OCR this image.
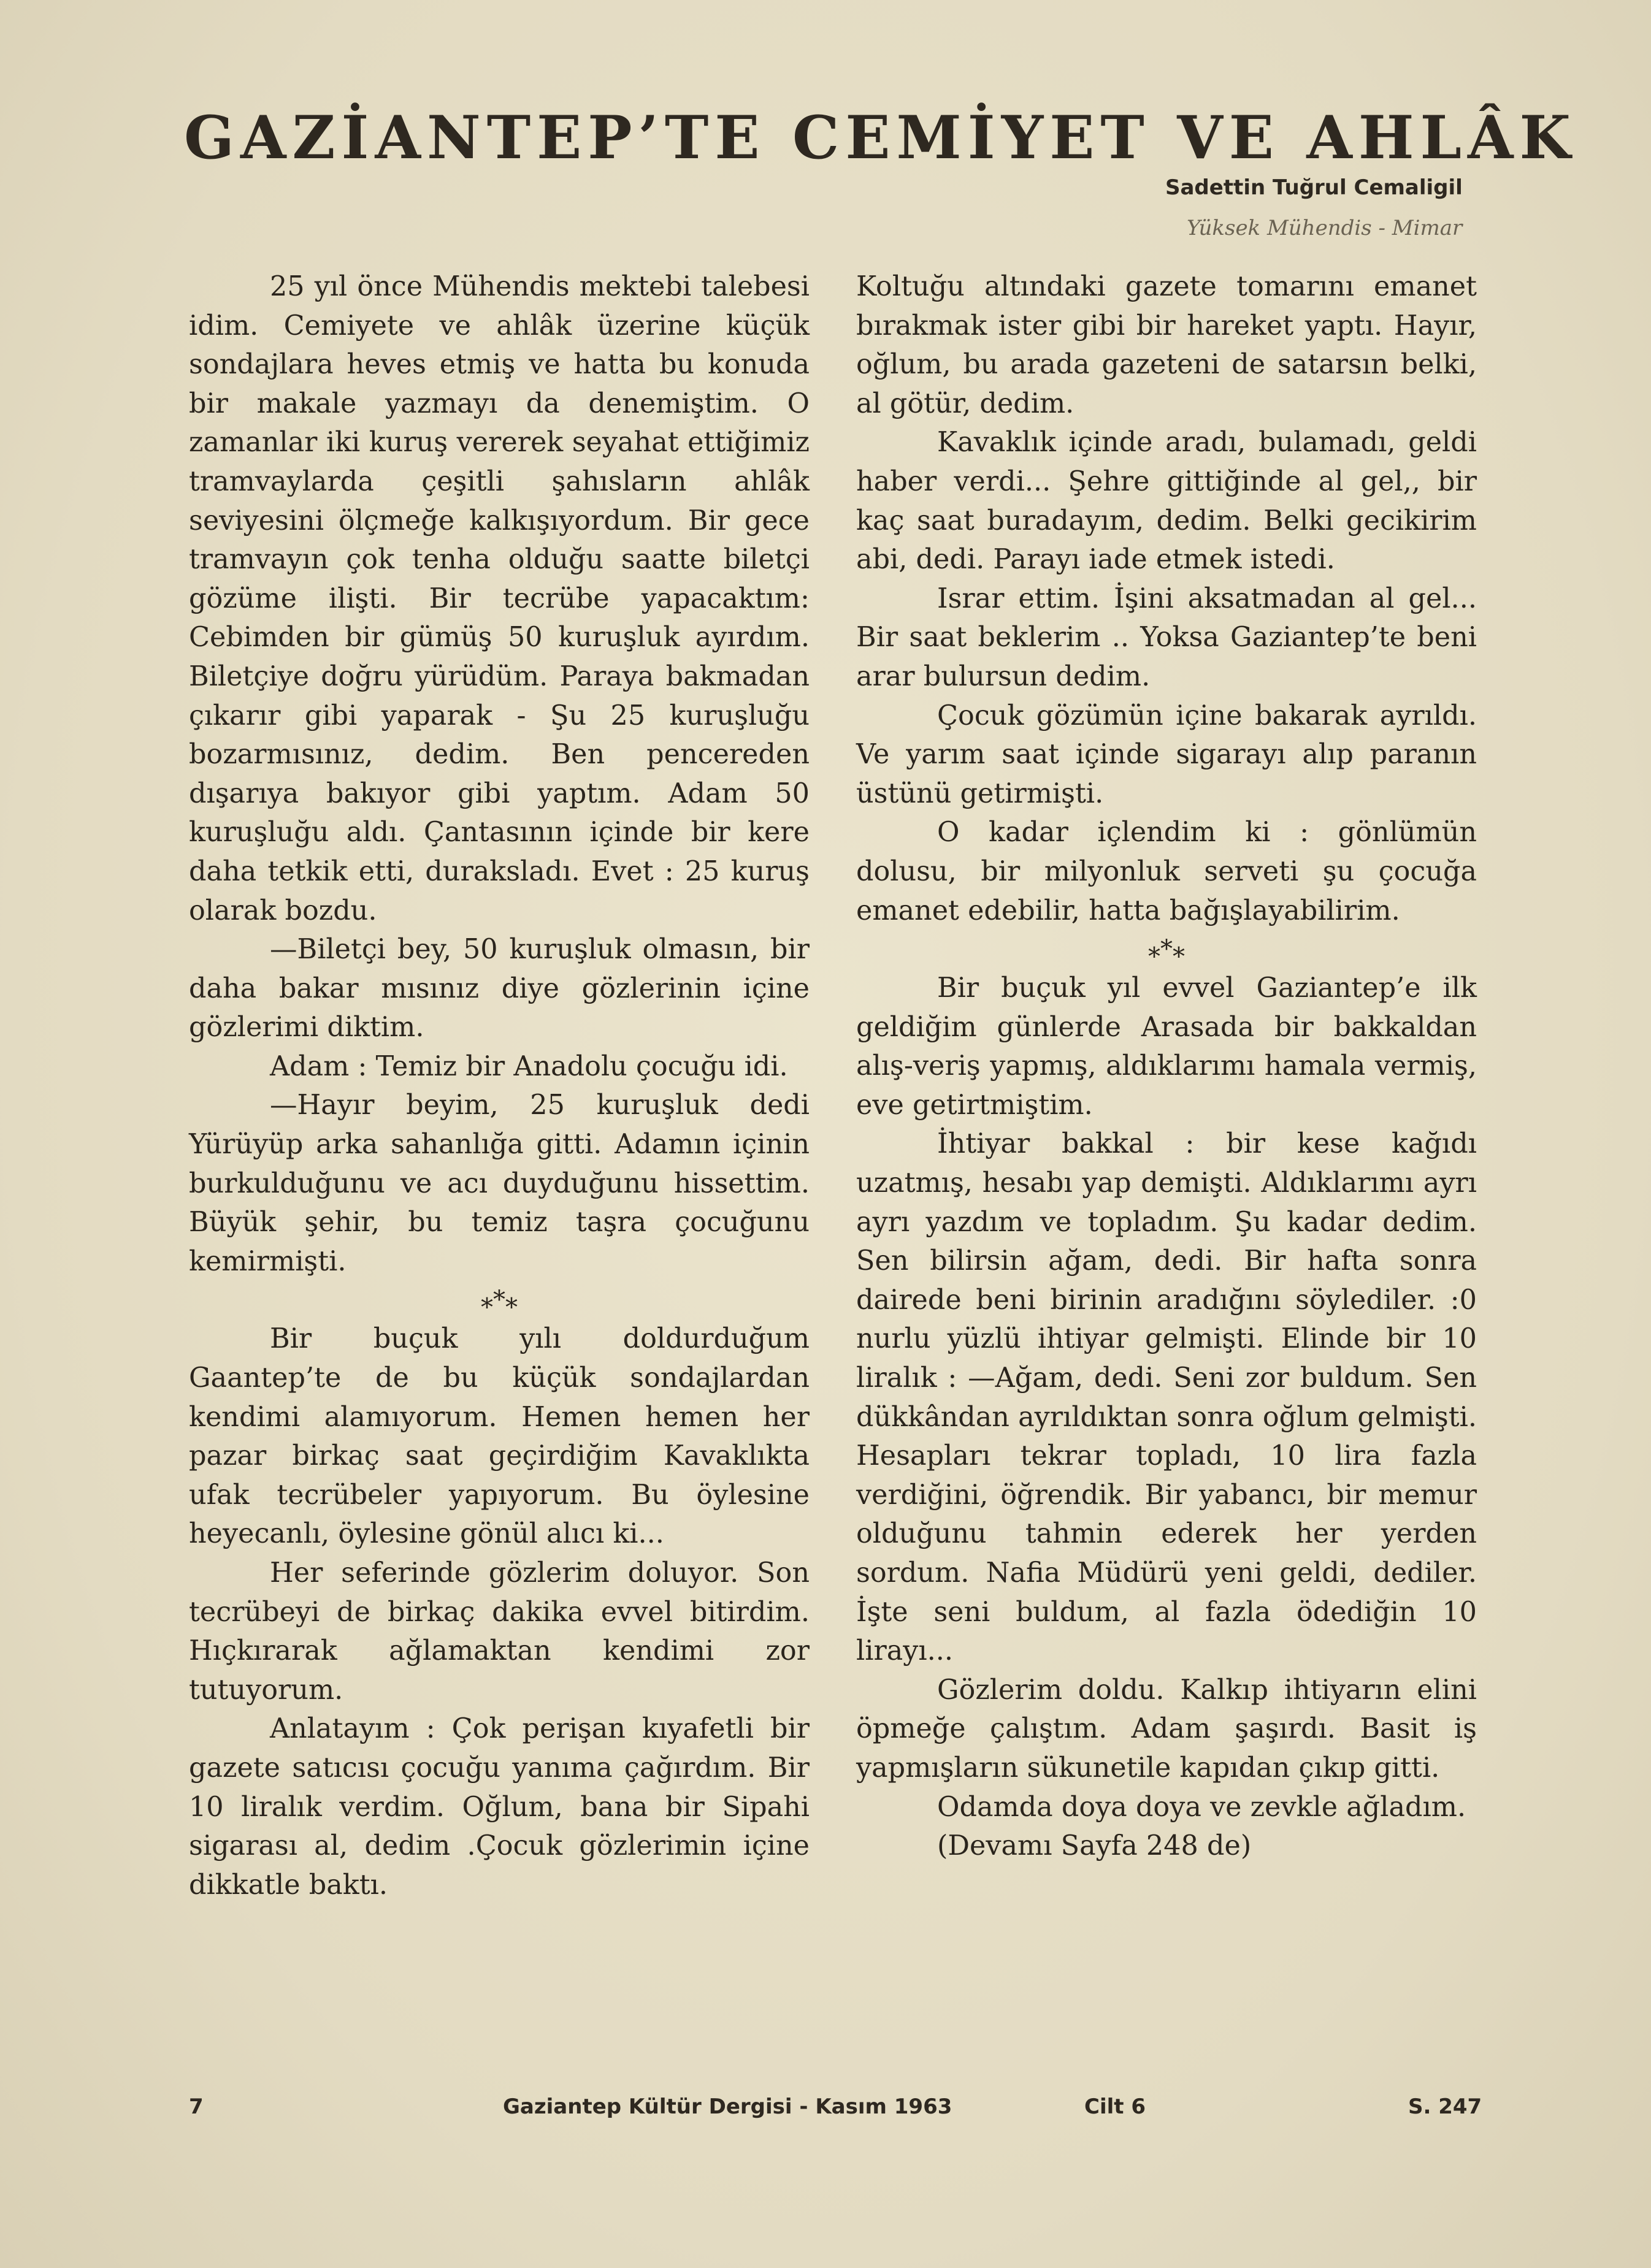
GAZİANTEP’TE CEMİYET VE AHLÂK
Sadettin Tuğrul Cemaligil
Yüksek Mühendis - Mimar

25 yıl önce Mühendis mektebi talebesi idim. Cemiyete ve ahlâk üzerine küçük sondajlara heves etmiş ve hatta bu konuda bir makale yazmayı da denemiştim. O zamanlar iki kuruş vererek seyahat ettiğimiz tramvaylarda çeşitli şahısların ahlâk seviyesini ölçmeğe kalkışıyordum. Bir gece tramvayın çok tenha olduğu saatte biletçi gözüme ilişti. Bir tecrübe yapacaktım: Cebimden bir gümüş 50 kuruşluk ayırdım. Biletçiye doğru yürüdüm. Paraya bakmadan çıkarır gibi yaparak - Şu 25 kuruşluğu bozarmısınız, dedim. Ben pencereden dışarıya bakıyor gibi yaptım. Adam 50 kuruşluğu aldı. Çantasının içinde bir kere daha tetkik etti, duraksladı. Evet : 25 kuruş olarak bozdu.

—Biletçi bey, 50 kuruşluk olmasın, bir daha bakar mısınız diye gözlerinin içine gözlerimi diktim.

Adam : Temiz bir Anadolu çocuğu idi.

—Hayır beyim, 25 kuruşluk dedi Yürüyüp arka sahanlığa gitti. Adamın içinin burkulduğunu ve acı duyduğunu hissettim. Büyük şehir, bu temiz taşra çocuğunu kemirmişti.

⁎*⁎

Bir buçuk yılı doldurduğum Gaantep’te de bu küçük sondajlardan kendimi alamıyorum. Hemen hemen her pazar birkaç saat geçirdiğim Kavaklıkta ufak tecrübeler yapıyorum. Bu öylesine heyecanlı, öylesine gönül alıcı ki...

Her seferinde gözlerim doluyor. Son tecrübeyi de birkaç dakika evvel bitirdim. Hıçkırarak ağlamaktan kendimi zor tutuyorum.

Anlatayım : Çok perişan kıyafetli bir gazete satıcısı çocuğu yanıma çağırdım. Bir 10 liralık verdim. Oğlum, bana bir Sipahi sigarası al, dedim .Çocuk gözlerimin içine dikkatle baktı.

Koltuğu altındaki gazete tomarını emanet bırakmak ister gibi bir hareket yaptı. Hayır, oğlum, bu arada gazeteni de satarsın belki, al götür, dedim.

Kavaklık içinde aradı, bulamadı, geldi haber verdi... Şehre gittiğinde al gel,, bir kaç saat buradayım, dedim. Belki gecikirim abi, dedi. Parayı iade etmek istedi.

Israr ettim. İşini aksatmadan al gel... Bir saat beklerim .. Yoksa Gaziantep’te beni arar bulursun dedim.

Çocuk gözümün içine bakarak ayrıldı. Ve yarım saat içinde sigarayı alıp paranın üstünü getirmişti.

O kadar içlendim ki : gönlümün dolusu, bir milyonluk serveti şu çocuğa emanet edebilir, hatta bağışlayabilirim.

⁎*⁎

Bir buçuk yıl evvel Gaziantep’e ilk geldiğim günlerde Arasada bir bakkaldan alış-veriş yapmış, aldıklarımı hamala vermiş, eve getirtmiştim.

İhtiyar bakkal : bir kese kağıdı uzatmış, hesabı yap demişti. Aldıklarımı ayrı ayrı yazdım ve topladım. Şu kadar dedim. Sen bilirsin ağam, dedi. Bir hafta sonra dairede beni birinin aradığını söylediler. :0 nurlu yüzlü ihtiyar gelmişti. Elinde bir 10 liralık : —Ağam, dedi. Seni zor buldum. Sen dükkândan ayrıldıktan sonra oğlum gelmişti. Hesapları tekrar topladı, 10 lira fazla verdiğini, öğrendik. Bir yabancı, bir memur olduğunu tahmin ederek her yerden sordum. Nafia Müdürü yeni geldi, dediler. İşte seni buldum, al fazla ödediğin 10 lirayı...

Gözlerim doldu. Kalkıp ihtiyarın elini öpmeğe çalıştım. Adam şaşırdı. Basit iş yapmışların sükunetile kapıdan çıkıp gitti.

Odamda doya doya ve zevkle ağladım.

(Devamı Sayfa 248 de)

7	Gaziantep Kültür Dergisi - Kasım 1963	Cilt 6	S. 247
